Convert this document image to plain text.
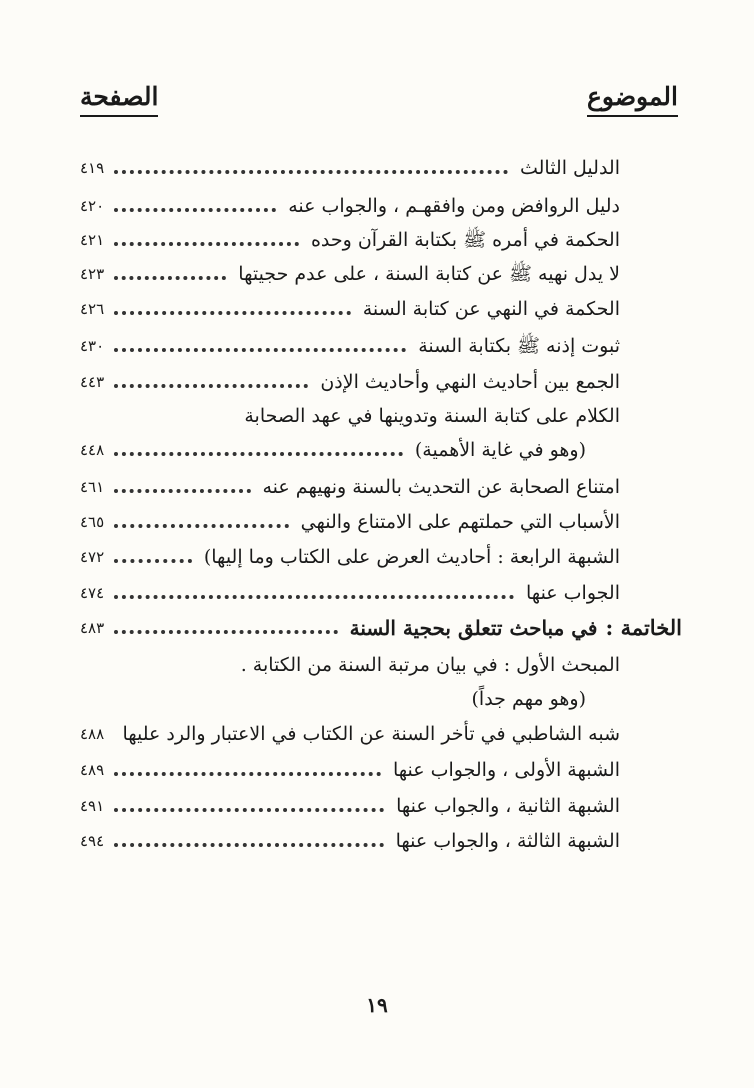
الموضوع
الصفحة
الدليل الثالث
٤١٩
دليل الروافض ومن وافقهـم ، والجواب عنه
٤٢٠
الحكمة في أمره ﷺ بكتابة القرآن وحده
٤٢١
لا يدل نهيه ﷺ عن كتابة السنة ، على عدم حجيتها
٤٢٣
الحكمة في النهي عن كتابة السنة
٤٢٦
ثبوت إذنه ﷺ بكتابة السنة
٤٣٠
الجمع بين أحاديث النهي وأحاديث الإذن
٤٤٣
الكلام على كتابة السنة وتدوينها في عهد الصحابة
(وهو في غاية الأهمية)
٤٤٨
امتناع الصحابة عن التحديث بالسنة ونهيهم عنه
٤٦١
الأسباب التي حملتهم على الامتناع والنهي
٤٦٥
الشبهة الرابعة : أحاديث العرض على الكتاب وما إليها)
٤٧٢
الجواب عنها
٤٧٤
الخاتمة :
في مباحث تتعلق بحجية السنة
٤٨٣
المبحث الأول : في بيان مرتبة السنة من الكتابة .
(وهو مهم جداً)
شبه الشاطبي في تأخر السنة عن الكتاب في الاعتبار والرد عليها
٤٨٨
الشبهة الأولى ، والجواب عنها
٤٨٩
الشبهة الثانية ، والجواب عنها
٤٩١
الشبهة الثالثة ، والجواب عنها
٤٩٤
١٩
